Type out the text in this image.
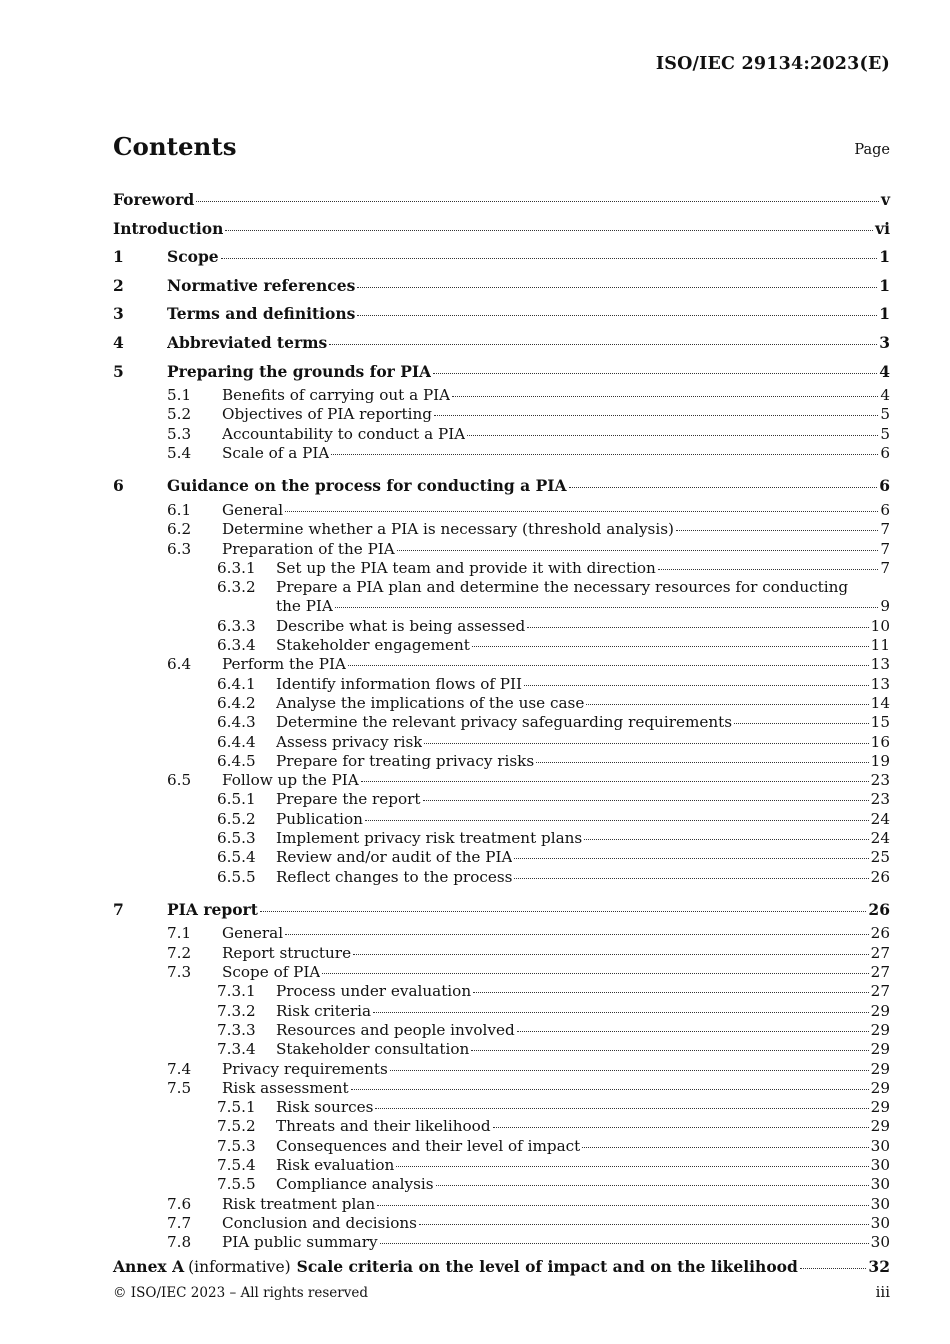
ISO/IEC 29134:2023(E)
Contents	Page
Foreword	v
Introduction	vi
1	Scope	1
2	Normative references	1
3	Terms and definitions	1
4	Abbreviated terms	3
5	Preparing the grounds for PIA	4
5.1	Benefits of carrying out a PIA	4
5.2	Objectives of PIA reporting	5
5.3	Accountability to conduct a PIA	5
5.4	Scale of a PIA	6
6	Guidance on the process for conducting a PIA	6
6.1	General	6
6.2	Determine whether a PIA is necessary (threshold analysis)	7
6.3	Preparation of the PIA	7
6.3.1	Set up the PIA team and provide it with direction	7
6.3.2	Prepare a PIA plan and determine the necessary resources for conducting
the PIA	9
6.3.3	Describe what is being assessed	10
6.3.4	Stakeholder engagement	11
6.4	Perform the PIA	13
6.4.1	Identify information flows of PII	13
6.4.2	Analyse the implications of the use case	14
6.4.3	Determine the relevant privacy safeguarding requirements	15
6.4.4	Assess privacy risk	16
6.4.5	Prepare for treating privacy risks	19
6.5	Follow up the PIA	23
6.5.1	Prepare the report	23
6.5.2	Publication	24
6.5.3	Implement privacy risk treatment plans	24
6.5.4	Review and/or audit of the PIA	25
6.5.5	Reflect changes to the process	26
7	PIA report	26
7.1	General	26
7.2	Report structure	27
7.3	Scope of PIA	27
7.3.1	Process under evaluation	27
7.3.2	Risk criteria	29
7.3.3	Resources and people involved	29
7.3.4	Stakeholder consultation	29
7.4	Privacy requirements	29
7.5	Risk assessment	29
7.5.1	Risk sources	29
7.5.2	Threats and their likelihood	29
7.5.3	Consequences and their level of impact	30
7.5.4	Risk evaluation	30
7.5.5	Compliance analysis	30
7.6	Risk treatment plan	30
7.7	Conclusion and decisions	30
7.8	PIA public summary	30
Annex A (informative) Scale criteria on the level of impact and on the likelihood	32
© ISO/IEC 2023 – All rights reserved	iii
